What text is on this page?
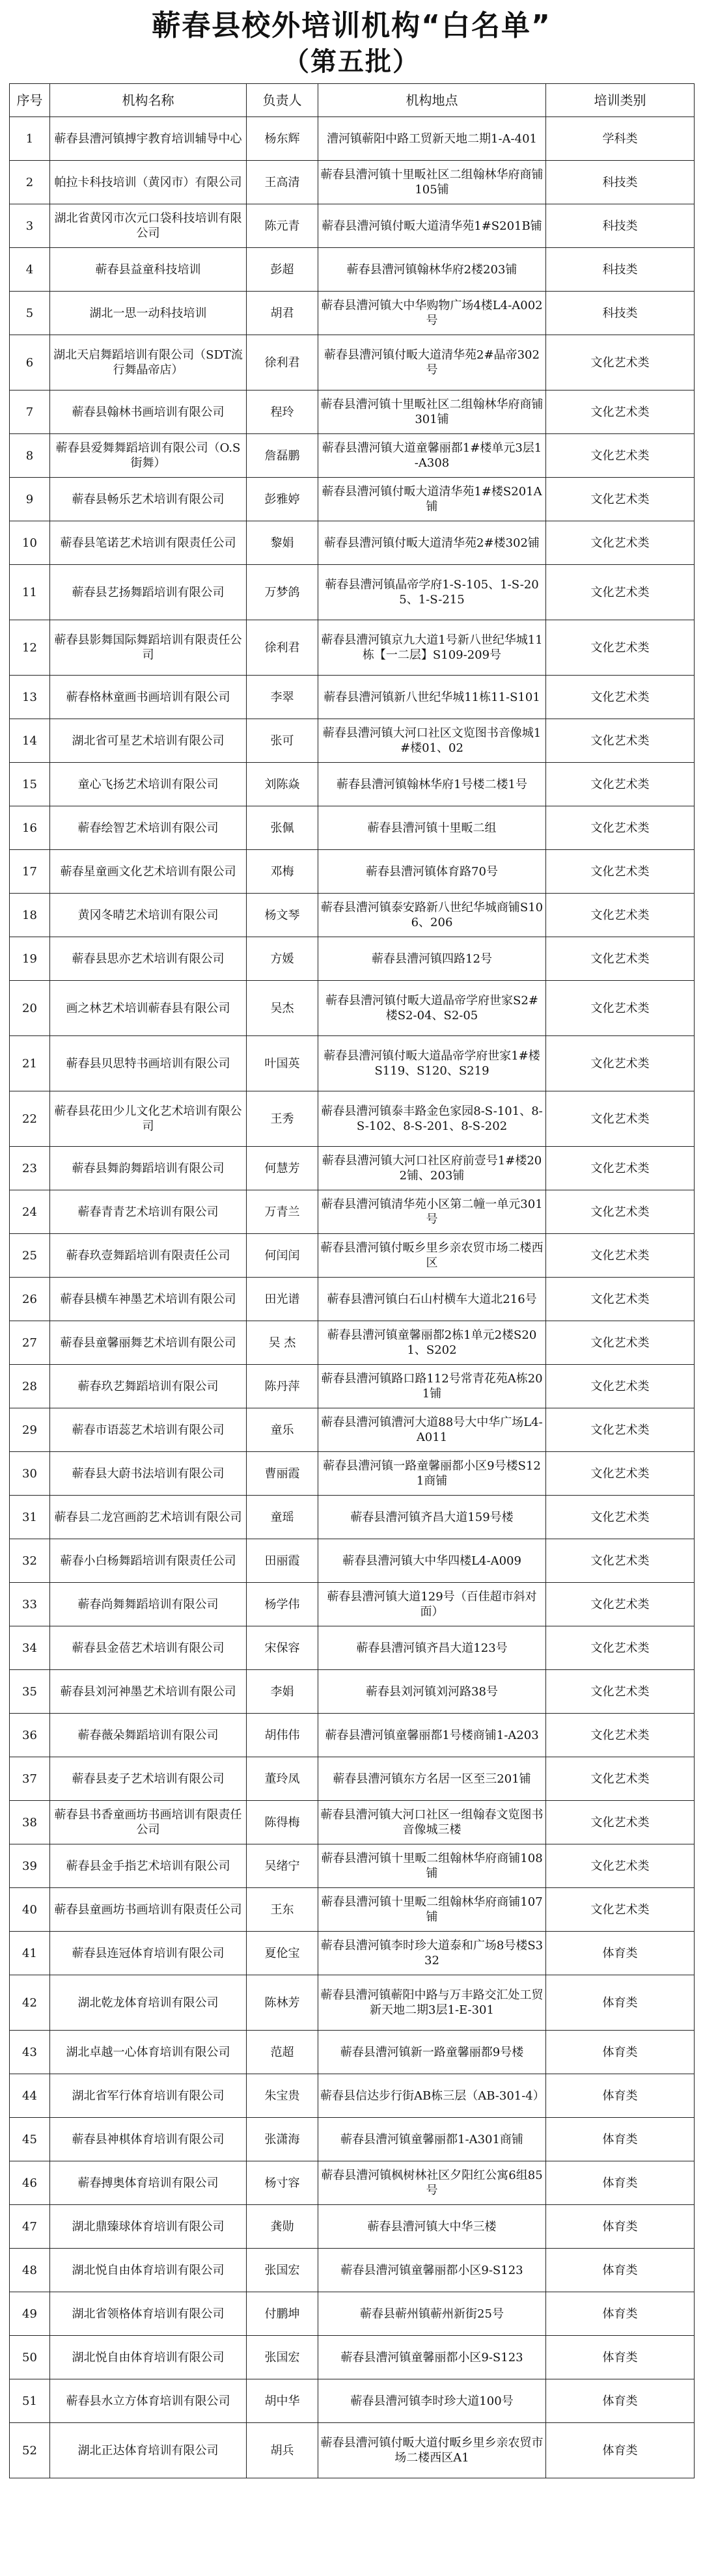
蕲春县校外培训机构“白名单”
（第五批）
序号	机构名称	负责人	机构地点	培训类别
1	蕲春县漕河镇搏宇教育培训辅导中心	杨东辉	漕河镇蕲阳中路工贸新天地二期1-A-401	学科类
2	帕拉卡科技培训（黄冈市）有限公司	王高清	蕲春县漕河镇十里畈社区二组翰林华府商铺105铺	科技类
3	湖北省黄冈市次元口袋科技培训有限公司	陈元青	蕲春县漕河镇付畈大道清华苑1#S201B铺	科技类
4	蕲春县益童科技培训	彭超	蕲春县漕河镇翰林华府2楼203铺	科技类
5	湖北一思一动科技培训	胡君	蕲春县漕河镇大中华购物广场4楼L4-A002号	科技类
6	湖北天启舞蹈培训有限公司（SDT流行舞晶帝店）	徐利君	蕲春县漕河镇付畈大道清华苑2#晶帝302号	文化艺术类
7	蕲春县翰林书画培训有限公司	程玲	蕲春县漕河镇十里畈社区二组翰林华府商铺301铺	文化艺术类
8	蕲春县爱舞舞蹈培训有限公司（O.S街舞）	詹磊鹏	蕲春县漕河镇大道童馨丽都1#楼单元3层1-A308	文化艺术类
9	蕲春县畅乐艺术培训有限公司	彭雅婷	蕲春县漕河镇付畈大道清华苑1#楼S201A铺	文化艺术类
10	蕲春县笔诺艺术培训有限责任公司	黎娟	蕲春县漕河镇付畈大道清华苑2#楼302铺	文化艺术类
11	蕲春县艺扬舞蹈培训有限公司	万梦鸽	蕲春县漕河镇晶帝学府1-S-105、1-S-205、1-S-215	文化艺术类
12	蕲春县影舞国际舞蹈培训有限责任公司	徐利君	蕲春县漕河镇京九大道1号新八世纪华城11栋【一二层】S109-209号	文化艺术类
13	蕲春格林童画书画培训有限公司	李翠	蕲春县漕河镇新八世纪华城11栋11-S101	文化艺术类
14	湖北省可星艺术培训有限公司	张可	蕲春县漕河镇大河口社区文览图书音像城1#楼01、02	文化艺术类
15	童心飞扬艺术培训有限公司	刘陈焱	蕲春县漕河镇翰林华府1号楼二楼1号	文化艺术类
16	蕲春绘智艺术培训有限公司	张佩	蕲春县漕河镇十里畈二组	文化艺术类
17	蕲春星童画文化艺术培训有限公司	邓梅	蕲春县漕河镇体育路70号	文化艺术类
18	黄冈冬晴艺术培训有限公司	杨文琴	蕲春县漕河镇泰安路新八世纪华城商铺S106、206	文化艺术类
19	蕲春县思亦艺术培训有限公司	方媛	蕲春县漕河镇四路12号	文化艺术类
20	画之林艺术培训蕲春县有限公司	吴杰	蕲春县漕河镇付畈大道晶帝学府世家S2#楼S2-04、S2-05	文化艺术类
21	蕲春县贝思特书画培训有限公司	叶国英	蕲春县漕河镇付畈大道晶帝学府世家1#楼S119、S120、S219	文化艺术类
22	蕲春县花田少儿文化艺术培训有限公司	王秀	蕲春县漕河镇泰丰路金色家园8-S-101、8-S-102、8-S-201、8-S-202	文化艺术类
23	蕲春县舞韵舞蹈培训有限公司	何慧芳	蕲春县漕河镇大河口社区府前壹号1#楼202铺、203铺	文化艺术类
24	蕲春青青艺术培训有限公司	万青兰	蕲春县漕河镇清华苑小区第二幢一单元301号	文化艺术类
25	蕲春玖壹舞蹈培训有限责任公司	何闰闰	蕲春县漕河镇付畈乡里乡亲农贸市场二楼西区	文化艺术类
26	蕲春县横车神墨艺术培训有限公司	田光谱	蕲春县漕河镇白石山村横车大道北216号	文化艺术类
27	蕲春县童馨丽舞艺术培训有限公司	吴 杰	蕲春县漕河镇童馨丽都2栋1单元2楼S201、S202	文化艺术类
28	蕲春玖艺舞蹈培训有限公司	陈丹萍	蕲春县漕河镇路口路112号常青花苑A栋201铺	文化艺术类
29	蕲春市语蕊艺术培训有限公司	童乐	蕲春县漕河镇漕河大道88号大中华广场L4-A011	文化艺术类
30	蕲春县大蔚书法培训有限公司	曹丽霞	蕲春县漕河镇一路童馨丽都小区9号楼S121商铺	文化艺术类
31	蕲春县二龙宫画韵艺术培训有限公司	童瑶	蕲春县漕河镇齐昌大道159号楼	文化艺术类
32	蕲春小白杨舞蹈培训有限责任公司	田丽霞	蕲春县漕河镇大中华四楼L4-A009	文化艺术类
33	蕲春尚舞舞蹈培训有限公司	杨学伟	蕲春县漕河镇大道129号（百佳超市斜对面）	文化艺术类
34	蕲春县金蓓艺术培训有限公司	宋保容	蕲春县漕河镇齐昌大道123号	文化艺术类
35	蕲春县刘河神墨艺术培训有限公司	李娟	蕲春县刘河镇刘河路38号	文化艺术类
36	蕲春薇朵舞蹈培训有限公司	胡伟伟	蕲春县漕河镇童馨丽都1号楼商铺1-A203	文化艺术类
37	蕲春县麦子艺术培训有限公司	董玲凤	蕲春县漕河镇东方名居一区至三201铺	文化艺术类
38	蕲春县书香童画坊书画培训有限责任公司	陈得梅	蕲春县漕河镇大河口社区一组翰春文览图书音像城三楼	文化艺术类
39	蕲春县金手指艺术培训有限公司	吴绪宁	蕲春县漕河镇十里畈二组翰林华府商铺108铺	文化艺术类
40	蕲春县童画坊书画培训有限责任公司	王东	蕲春县漕河镇十里畈二组翰林华府商铺107铺	文化艺术类
41	蕲春县连冠体育培训有限公司	夏伦宝	蕲春县漕河镇李时珍大道泰和广场8号楼S332	体育类
42	湖北乾龙体育培训有限公司	陈林芳	蕲春县漕河镇蕲阳中路与万丰路交汇处工贸新天地二期3层1-E-301	体育类
43	湖北卓越一心体育培训有限公司	范超	蕲春县漕河镇新一路童馨丽都9号楼	体育类
44	湖北省军行体育培训有限公司	朱宝贵	蕲春县信达步行街AB栋三层（AB-301-4）	体育类
45	蕲春县神棋体育培训有限公司	张潇海	蕲春县漕河镇童馨丽都1-A301商铺	体育类
46	蕲春搏奥体育培训有限公司	杨寸容	蕲春县漕河镇枫树林社区夕阳红公寓6组85号	体育类
47	湖北鼎臻球体育培训有限公司	龚勋	蕲春县漕河镇大中华三楼	体育类
48	湖北悦自由体育培训有限公司	张国宏	蕲春县漕河镇童馨丽都小区9-S123	体育类
49	湖北省领格体育培训有限公司	付鹏坤	蕲春县蕲州镇蕲州新街25号	体育类
50	湖北悦自由体育培训有限公司	张国宏	蕲春县漕河镇童馨丽都小区9-S123	体育类
51	蕲春县水立方体育培训有限公司	胡中华	蕲春县漕河镇李时珍大道100号	体育类
52	湖北正达体育培训有限公司	胡兵	蕲春县漕河镇付畈大道付畈乡里乡亲农贸市场二楼西区A1	体育类
